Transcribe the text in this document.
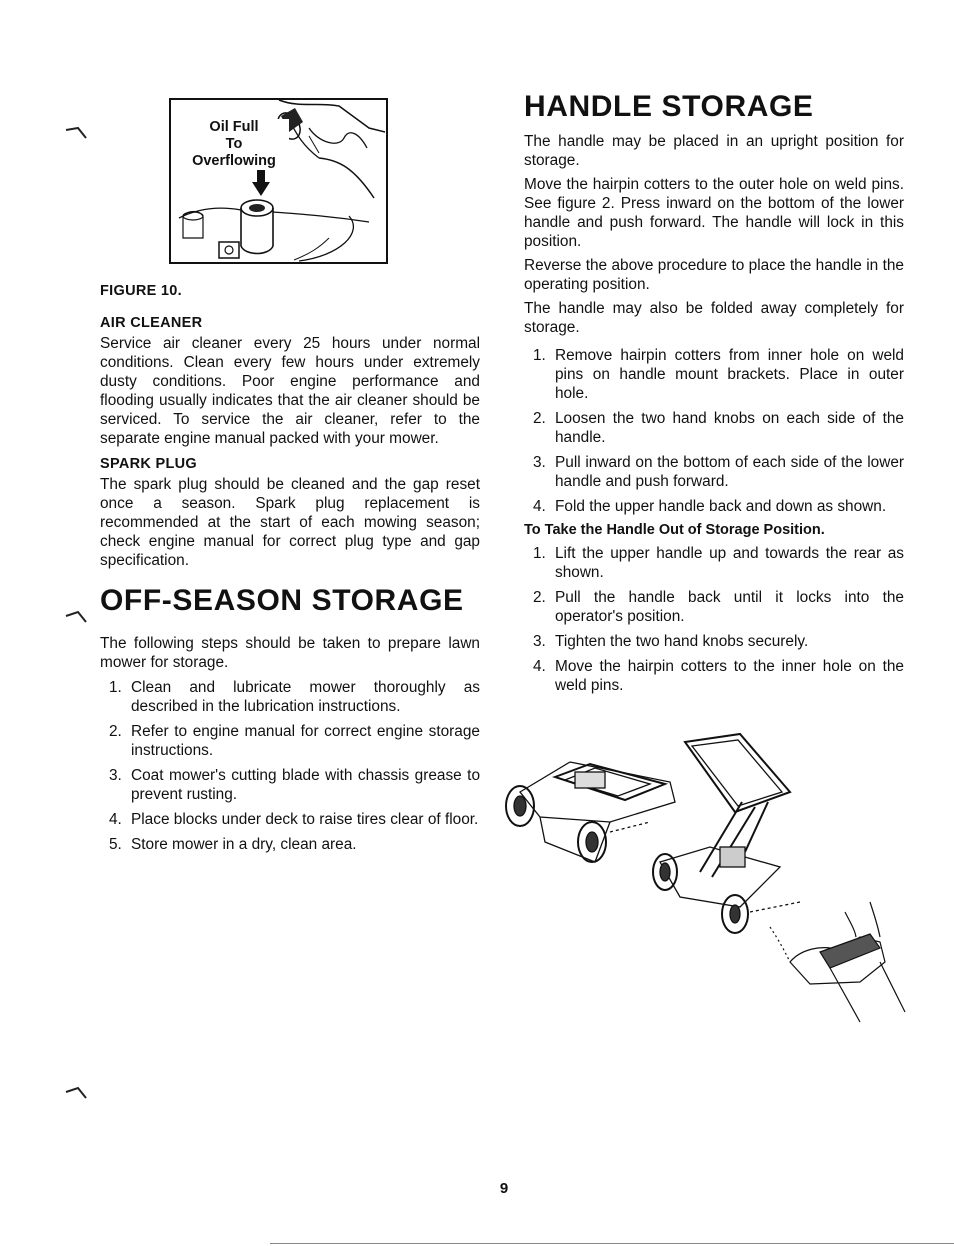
Oil Full
To
Overflowing

FIGURE 10.

AIR CLEANER

Service air cleaner every 25 hours under normal conditions. Clean every few hours under extremely dusty conditions. Poor engine performance and flooding usually indicates that the air cleaner should be serviced. To service the air cleaner, refer to the separate engine manual packed with your mower.

SPARK PLUG

The spark plug should be cleaned and the gap reset once a season. Spark plug replacement is recommended at the start of each mowing season; check engine manual for correct plug type and gap specification.

OFF-SEASON STORAGE

The following steps should be taken to prepare lawn mower for storage.

1. Clean and lubricate mower thoroughly as described in the lubrication instructions.
2. Refer to engine manual for correct engine storage instructions.
3. Coat mower's cutting blade with chassis grease to prevent rusting.
4. Place blocks under deck to raise tires clear of floor.
5. Store mower in a dry, clean area.
HANDLE STORAGE

The handle may be placed in an upright position for storage.

Move the hairpin cotters to the outer hole on weld pins. See figure 2. Press inward on the bottom of the lower handle and push forward. The handle will lock in this position.

Reverse the above procedure to place the handle in the operating position.

The handle may also be folded away completely for storage.

1. Remove hairpin cotters from inner hole on weld pins on handle mount brackets. Place in outer hole.
2. Loosen the two hand knobs on each side of the handle.
3. Pull inward on the bottom of each side of the lower handle and push forward.
4. Fold the upper handle back and down as shown.

To Take the Handle Out of Storage Position.

1. Lift the upper handle up and towards the rear as shown.
2. Pull the handle back until it locks into the operator's position.
3. Tighten the two hand knobs securely.
4. Move the hairpin cotters to the inner hole on the weld pins.
9
